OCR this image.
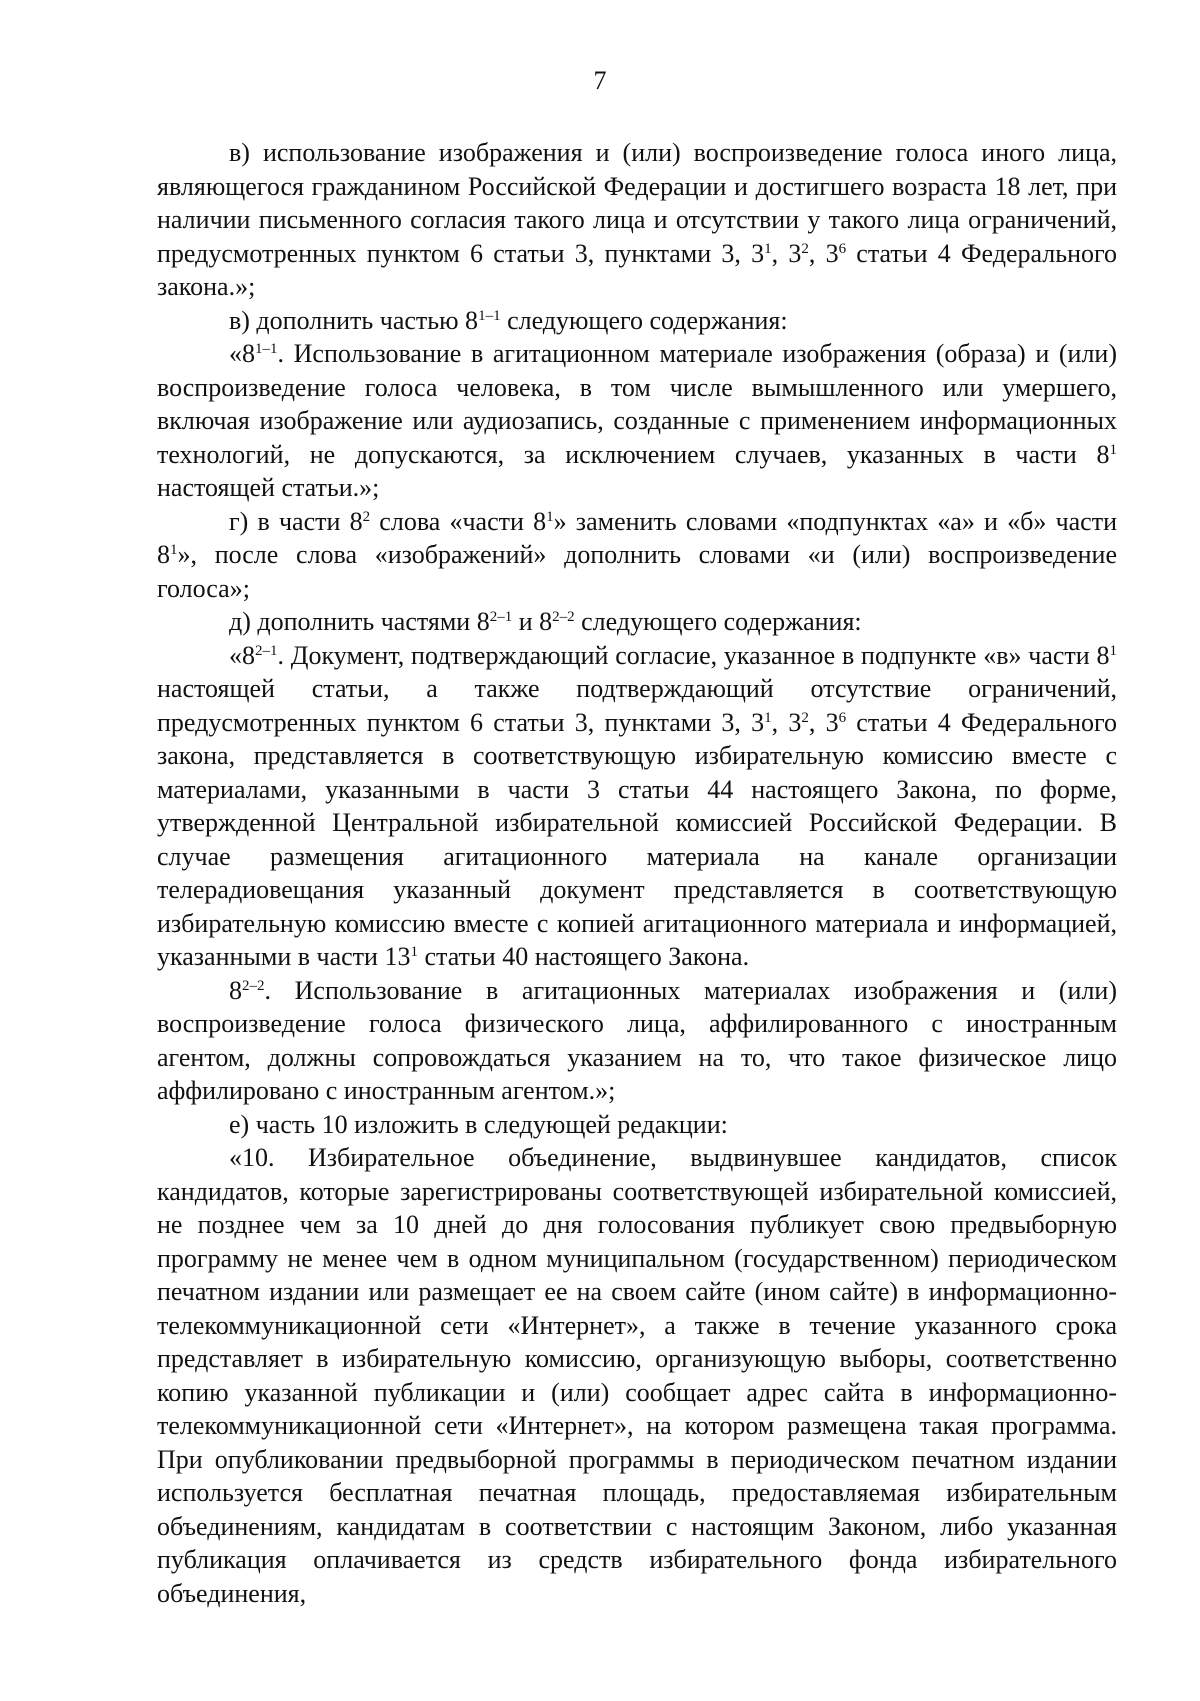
7

в) использование изображения и (или) воспроизведение голоса иного лица, являющегося гражданином Российской Федерации и достигшего возраста 18 лет, при наличии письменного согласия такого лица и отсутствии у такого лица ограничений, предусмотренных пунктом 6 статьи 3, пунктами 3, $3^1$, $3^2$, $3^6$ статьи 4 Федерального закона.»;

в) дополнить частью 8$^{1-1}$ следующего содержания:

«8$^{1-1}$. Использование в агитационном материале изображения (образа) и (или) воспроизведение голоса человека, в том числе вымышленного или умершего, включая изображение или аудиозапись, созданные с применением информационных технологий, не допускаются, за исключением случаев, указанных в части $8^1$ настоящей статьи.»;

г) в части $8^2$ слова «части $8^1$» заменить словами «подпунктах «а» и «б» части $8^1$», после слова «изображений» дополнить словами «и (или) воспроизведение голоса»;

д) дополнить частями 8$^{2-1}$ и 8$^{2-2}$ следующего содержания:

«8$^{2-1}$. Документ, подтверждающий согласие, указанное в подпункте «в» части $8^1$ настоящей статьи, а также подтверждающий отсутствие ограничений, предусмотренных пунктом 6 статьи 3, пунктами 3, $3^1$, $3^2$, $3^6$ статьи 4 Федерального закона, представляется в соответствующую избирательную комиссию вместе с материалами, указанными в части 3 статьи 44 настоящего Закона, по форме, утвержденной Центральной избирательной комиссией Российской Федерации. В случае размещения агитационного материала на канале организации телерадиовещания указанный документ представляется в соответствующую избирательную комиссию вместе с копией агитационного материала и информацией, указанными в части $13^1$ статьи 40 настоящего Закона.

8$^{2-2}$. Использование в агитационных материалах изображения и (или) воспроизведение голоса физического лица, аффилированного с иностранным агентом, должны сопровождаться указанием на то, что такое физическое лицо аффилировано с иностранным агентом.»;

е) часть 10 изложить в следующей редакции:

«10. Избирательное объединение, выдвинувшее кандидатов, список кандидатов, которые зарегистрированы соответствующей избирательной комиссией, не позднее чем за 10 дней до дня голосования публикует свою предвыборную программу не менее чем в одном муниципальном (государственном) периодическом печатном издании или размещает ее на своем сайте (ином сайте) в информационно-телекоммуникационной сети «Интернет», а также в течение указанного срока представляет в избирательную комиссию, организующую выборы, соответственно копию указанной публикации и (или) сообщает адрес сайта в информационно-телекоммуникационной сети «Интернет», на котором размещена такая программа. При опубликовании предвыборной программы в периодическом печатном издании используется бесплатная печатная площадь, предоставляемая избирательным объединениям, кандидатам в соответствии с настоящим Законом, либо указанная публикация оплачивается из средств избирательного фонда избирательного объединения,
